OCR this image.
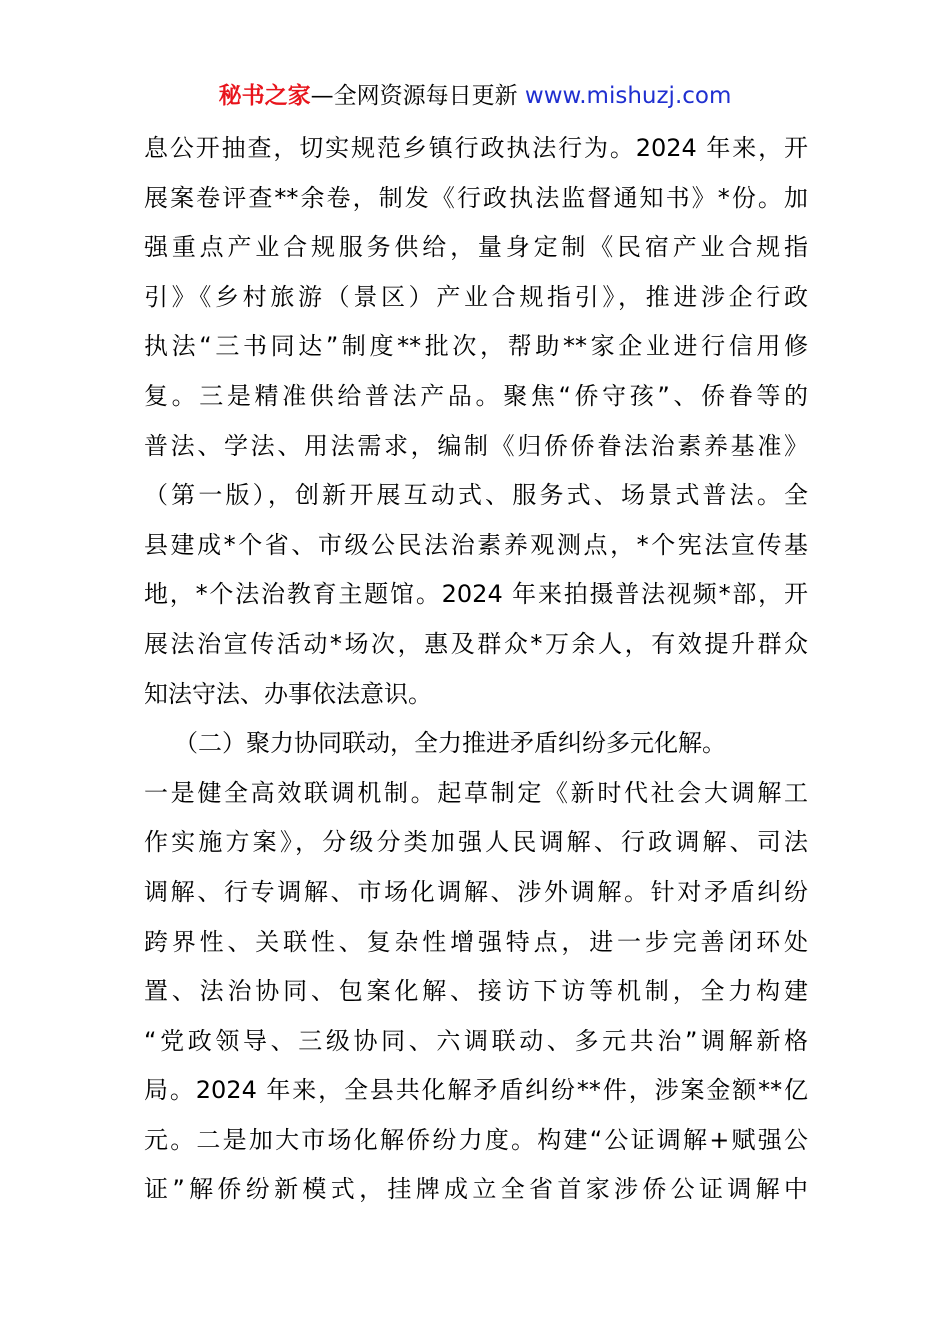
秘书之家—全网资源每日更新 www.mishuzj.com
息公开抽查，切实规范乡镇行政执法行为。2024 年来，开
展案卷评查**余卷，制发《行政执法监督通知书》*份。加
强重点产业合规服务供给，量身定制《民宿产业合规指
引》《乡村旅游（景区）产业合规指引》，推进涉企行政
执法“三书同达”制度**批次，帮助**家企业进行信用修
复。三是精准供给普法产品。聚焦“侨守孩”、侨眷等的
普法、学法、用法需求，编制《归侨侨眷法治素养基准》
（第一版），创新开展互动式、服务式、场景式普法。全
县建成*个省、市级公民法治素养观测点，*个宪法宣传基
地，*个法治教育主题馆。2024 年来拍摄普法视频*部，开
展法治宣传活动*场次，惠及群众*万余人，有效提升群众
知法守法、办事依法意识。
（二）聚力协同联动，全力推进矛盾纠纷多元化解。
一是健全高效联调机制。起草制定《新时代社会大调解工
作实施方案》，分级分类加强人民调解、行政调解、司法
调解、行专调解、市场化调解、涉外调解。针对矛盾纠纷
跨界性、关联性、复杂性增强特点，进一步完善闭环处
置、法治协同、包案化解、接访下访等机制，全力构建
“党政领导、三级协同、六调联动、多元共治”调解新格
局。2024 年来，全县共化解矛盾纠纷**件，涉案金额**亿
元。二是加大市场化解侨纷力度。构建“公证调解+赋强公
证”解侨纷新模式，挂牌成立全省首家涉侨公证调解中
